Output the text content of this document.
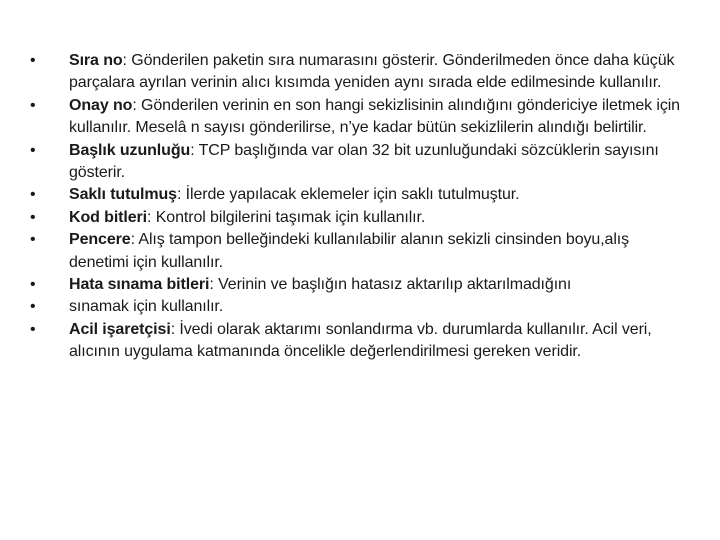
•	Sıra no: Gönderilen paketin sıra numarasını gösterir. Gönderilmeden önce daha küçük parçalara ayrılan verinin alıcı kısımda yeniden aynı sırada elde edilmesinde kullanılır.
•	Onay no: Gönderilen verinin en son hangi sekizlisinin alındığını göndericiye iletmek için kullanılır. Meselâ n sayısı gönderilirse, n’ye kadar bütün sekizlilerin alındığı belirtilir.
•	Başlık uzunluğu: TCP başlığında var olan 32 bit uzunluğundaki sözcüklerin sayısını gösterir.
•	Saklı tutulmuş: İlerde yapılacak eklemeler için saklı tutulmuştur.
•	Kod bitleri: Kontrol bilgilerini taşımak için kullanılır.
•	Pencere: Alış tampon belleğindeki kullanılabilir alanın sekizli cinsinden boyu,alış denetimi için kullanılır.
•	Hata sınama bitleri: Verinin ve başlığın hatasız aktarılıp aktarılmadığını
•	sınamak için kullanılır.
•	Acil işaretçisi: İvedi olarak aktarımı sonlandırma vb. durumlarda kullanılır. Acil veri, alıcının uygulama katmanında öncelikle değerlendirilmesi gereken veridir.
